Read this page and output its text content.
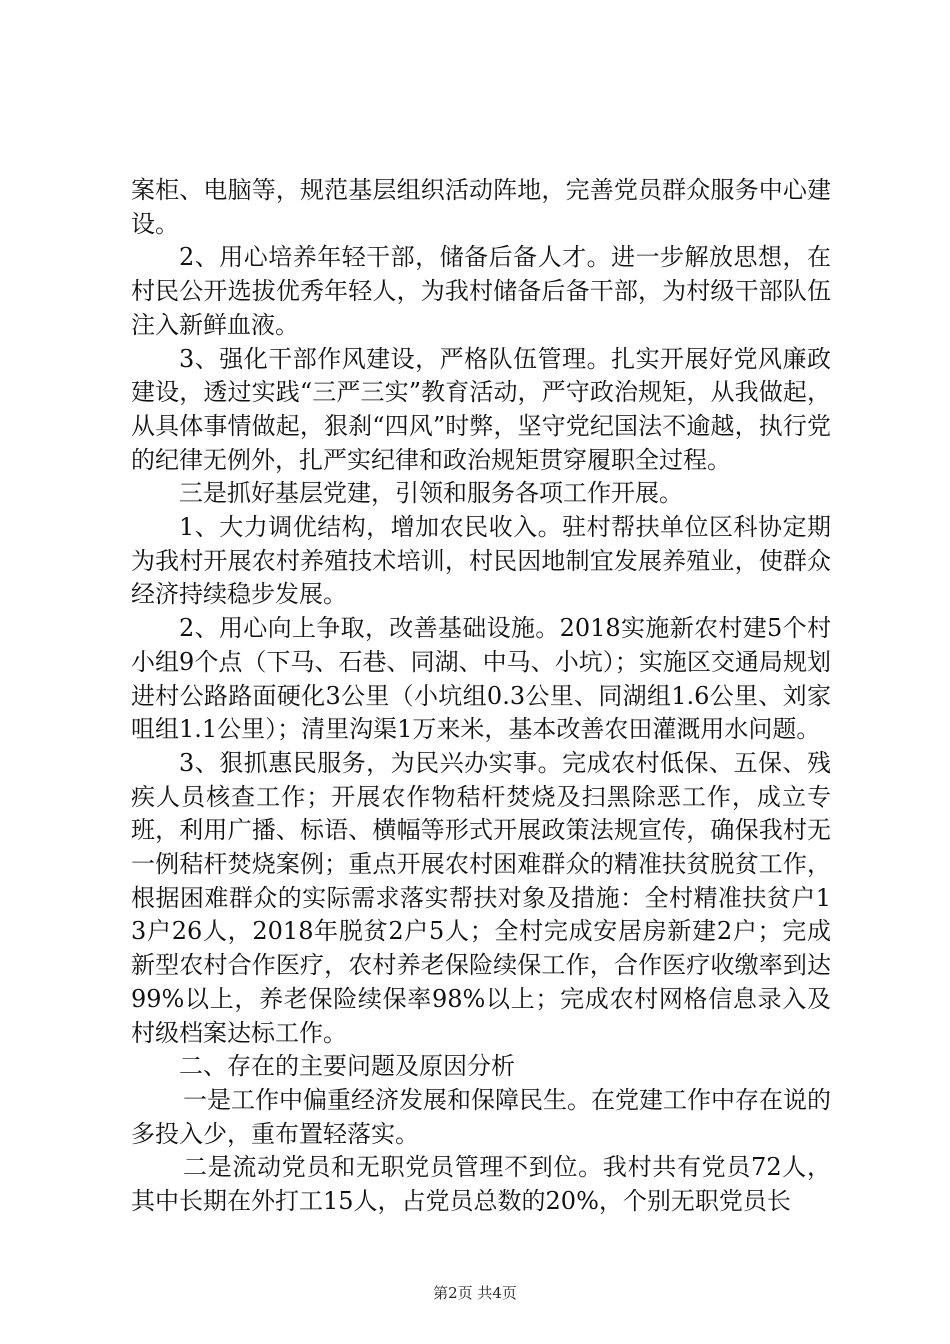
案柜、电脑等，规范基层组织活动阵地，完善党员群众服务中心建设。

2、用心培养年轻干部，储备后备人才。进一步解放思想，在村民公开选拔优秀年轻人，为我村储备后备干部，为村级干部队伍注入新鲜血液。

3、强化干部作风建设，严格队伍管理。扎实开展好党风廉政建设，透过实践“三严三实”教育活动，严守政治规矩，从我做起，从具体事情做起，狠刹“四风”时弊，坚守党纪国法不逾越，执行党的纪律无例外，扎严实纪律和政治规矩贯穿履职全过程。

三是抓好基层党建，引领和服务各项工作开展。

1、大力调优结构，增加农民收入。驻村帮扶单位区科协定期为我村开展农村养殖技术培训，村民因地制宜发展养殖业，使群众经济持续稳步发展。

2、用心向上争取，改善基础设施。2018实施新农村建5个村小组9个点（下马、石巷、同湖、中马、小坑）；实施区交通局规划进村公路路面硬化3公里（小坑组0.3公里、同湖组1.6公里、刘家咀组1.1公里）；清里沟渠1万来米，基本改善农田灌溉用水问题。

3、狠抓惠民服务，为民兴办实事。完成农村低保、五保、残疾人员核查工作；开展农作物秸杆焚烧及扫黑除恶工作，成立专班，利用广播、标语、横幅等形式开展政策法规宣传，确保我村无一例秸杆焚烧案例；重点开展农村困难群众的精准扶贫脱贫工作，根据困难群众的实际需求落实帮扶对象及措施：全村精准扶贫户13户26人，2018年脱贫2户5人；全村完成安居房新建2户；完成新型农村合作医疗，农村养老保险续保工作，合作医疗收缴率到达99%以上，养老保险续保率98%以上；完成农村网格信息录入及村级档案达标工作。

二、存在的主要问题及原因分析

一是工作中偏重经济发展和保障民生。在党建工作中存在说的多投入少，重布置轻落实。

二是流动党员和无职党员管理不到位。我村共有党员72人，其中长期在外打工15人，占党员总数的20%，个别无职党员长

第2页 共4页
